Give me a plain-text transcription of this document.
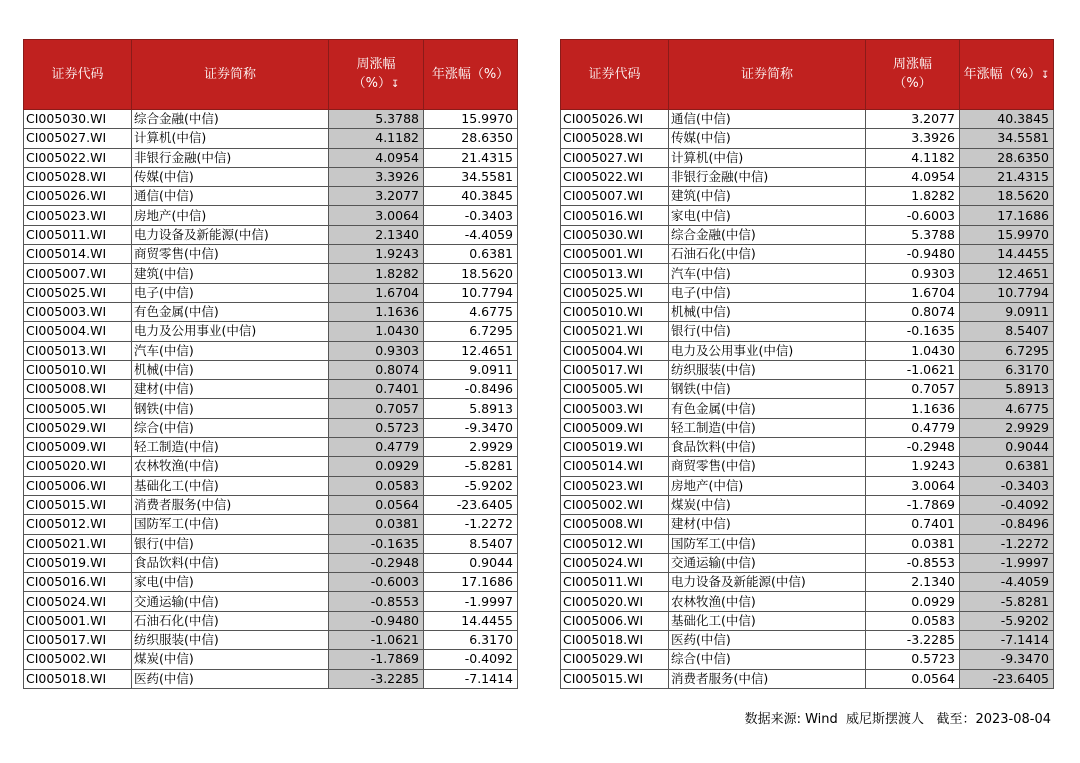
证券代码	证券简称	周涨幅
（%）↧	年涨幅（%）
CI005030.WI	综合金融(中信)	5.3788	15.9970
CI005027.WI	计算机(中信)	4.1182	28.6350
CI005022.WI	非银行金融(中信)	4.0954	21.4315
CI005028.WI	传媒(中信)	3.3926	34.5581
CI005026.WI	通信(中信)	3.2077	40.3845
CI005023.WI	房地产(中信)	3.0064	-0.3403
CI005011.WI	电力设备及新能源(中信)	2.1340	-4.4059
CI005014.WI	商贸零售(中信)	1.9243	0.6381
CI005007.WI	建筑(中信)	1.8282	18.5620
CI005025.WI	电子(中信)	1.6704	10.7794
CI005003.WI	有色金属(中信)	1.1636	4.6775
CI005004.WI	电力及公用事业(中信)	1.0430	6.7295
CI005013.WI	汽车(中信)	0.9303	12.4651
CI005010.WI	机械(中信)	0.8074	9.0911
CI005008.WI	建材(中信)	0.7401	-0.8496
CI005005.WI	钢铁(中信)	0.7057	5.8913
CI005029.WI	综合(中信)	0.5723	-9.3470
CI005009.WI	轻工制造(中信)	0.4779	2.9929
CI005020.WI	农林牧渔(中信)	0.0929	-5.8281
CI005006.WI	基础化工(中信)	0.0583	-5.9202
CI005015.WI	消费者服务(中信)	0.0564	-23.6405
CI005012.WI	国防军工(中信)	0.0381	-1.2272
CI005021.WI	银行(中信)	-0.1635	8.5407
CI005019.WI	食品饮料(中信)	-0.2948	0.9044
CI005016.WI	家电(中信)	-0.6003	17.1686
CI005024.WI	交通运输(中信)	-0.8553	-1.9997
CI005001.WI	石油石化(中信)	-0.9480	14.4455
CI005017.WI	纺织服装(中信)	-1.0621	6.3170
CI005002.WI	煤炭(中信)	-1.7869	-0.4092
CI005018.WI	医药(中信)	-3.2285	-7.1414
证券代码	证券简称	周涨幅
（%）	年涨幅（%）↧
CI005026.WI	通信(中信)	3.2077	40.3845
CI005028.WI	传媒(中信)	3.3926	34.5581
CI005027.WI	计算机(中信)	4.1182	28.6350
CI005022.WI	非银行金融(中信)	4.0954	21.4315
CI005007.WI	建筑(中信)	1.8282	18.5620
CI005016.WI	家电(中信)	-0.6003	17.1686
CI005030.WI	综合金融(中信)	5.3788	15.9970
CI005001.WI	石油石化(中信)	-0.9480	14.4455
CI005013.WI	汽车(中信)	0.9303	12.4651
CI005025.WI	电子(中信)	1.6704	10.7794
CI005010.WI	机械(中信)	0.8074	9.0911
CI005021.WI	银行(中信)	-0.1635	8.5407
CI005004.WI	电力及公用事业(中信)	1.0430	6.7295
CI005017.WI	纺织服装(中信)	-1.0621	6.3170
CI005005.WI	钢铁(中信)	0.7057	5.8913
CI005003.WI	有色金属(中信)	1.1636	4.6775
CI005009.WI	轻工制造(中信)	0.4779	2.9929
CI005019.WI	食品饮料(中信)	-0.2948	0.9044
CI005014.WI	商贸零售(中信)	1.9243	0.6381
CI005023.WI	房地产(中信)	3.0064	-0.3403
CI005002.WI	煤炭(中信)	-1.7869	-0.4092
CI005008.WI	建材(中信)	0.7401	-0.8496
CI005012.WI	国防军工(中信)	0.0381	-1.2272
CI005024.WI	交通运输(中信)	-0.8553	-1.9997
CI005011.WI	电力设备及新能源(中信)	2.1340	-4.4059
CI005020.WI	农林牧渔(中信)	0.0929	-5.8281
CI005006.WI	基础化工(中信)	0.0583	-5.9202
CI005018.WI	医药(中信)	-3.2285	-7.1414
CI005029.WI	综合(中信)	0.5723	-9.3470
CI005015.WI	消费者服务(中信)	0.0564	-23.6405
数据来源: Wind  威尼斯摆渡人   截至：2023-08-04
